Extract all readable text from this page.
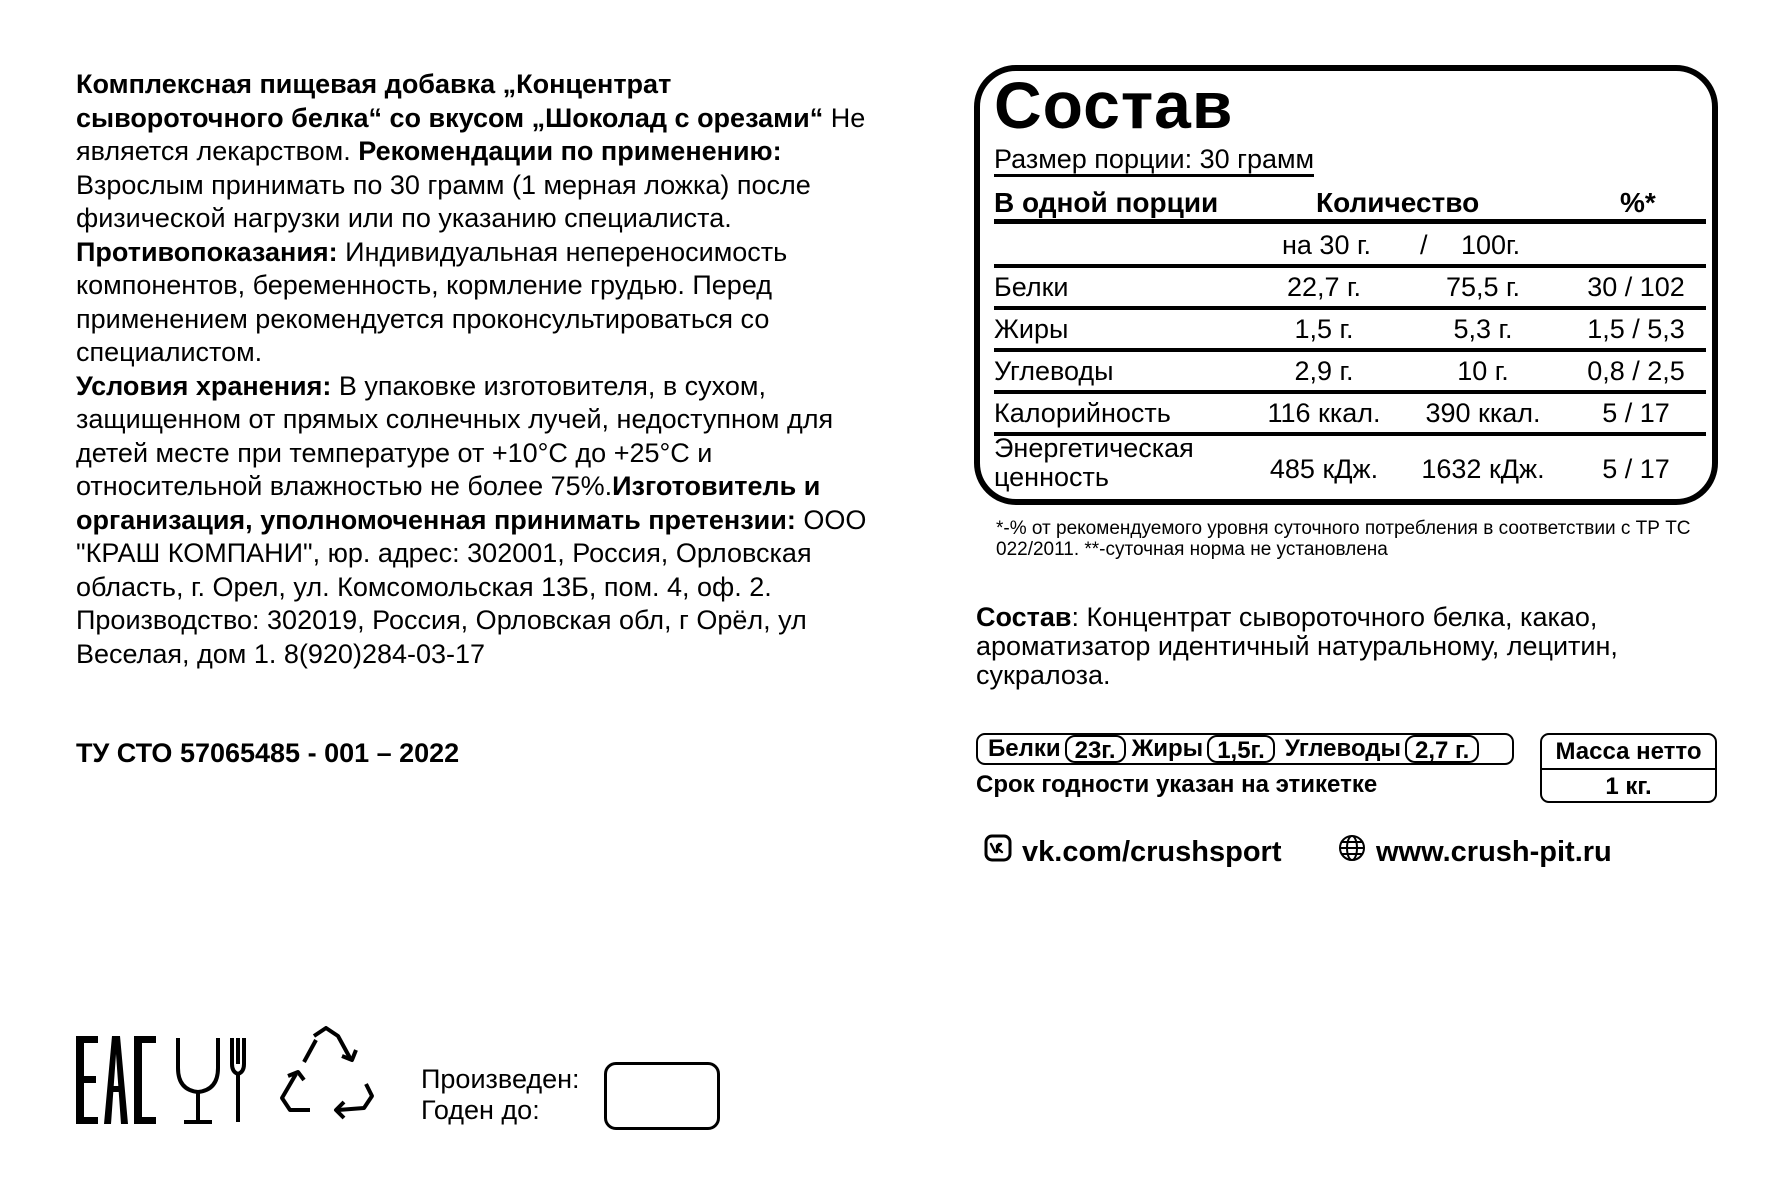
Комплексная пищевая добавка „Концентрат сывороточного белка“ со вкусом „Шоколад с орезами“ Не является лекарством. Рекомендации по применению: Взрослым принимать по 30 грамм (1 мерная ложка) после физической нагрузки или по указанию специалиста. Противопоказания: Индивидуальная непереносимость компонентов, беременность, кормление грудью. Перед применением рекомендуется проконсультироваться со специалистом.
Условия хранения: В упаковке изготовителя, в сухом, защищенном от прямых солнечных лучей, недоступном для детей месте при температуре от +10°С до +25°С и относительной влажностью не более 75%.Изготовитель и организация, уполномоченная принимать претензии: ООО "КРАШ КОМПАНИ", юр. адрес: 302001, Россия, Орловская область, г. Орел, ул. Комсомольская 13Б, пом. 4, оф. 2. Производство: 302019, Россия, Орловская обл, г Орёл, ул Веселая, дом 1. 8(920)284-03-17
ТУ СТО 57065485 - 001 – 2022
Состав
Размер порции: 30 грамм
В одной порции	Количество	%*
на 30 г. / 100г.
Белки	22,7 г.	75,5 г.	30 / 102
Жиры	1,5 г.	5,3 г.	1,5 / 5,3
Углеводы	2,9 г.	10 г.	0,8 / 2,5
Калорийность	116 ккал.	390 ккал.	5 / 17
Энергетическая
ценность	485 кДж.	1632 кДж.	5 / 17
*-% от рекомендуемого уровня суточного потребления в соответствии с ТР ТС 022/2011. **-суточная норма не установлена
Состав: Концентрат сывороточного белка, какао, ароматизатор идентичный натуральному, лецитин, сукралоза.
Белки 23г. Жиры 1,5г. Углеводы 2,7 г.	Масса нетто
1 кг.
Срок годности указан на этикетке
vk.com/crushsport	www.crush-pit.ru
Произведен:
Годен до:
